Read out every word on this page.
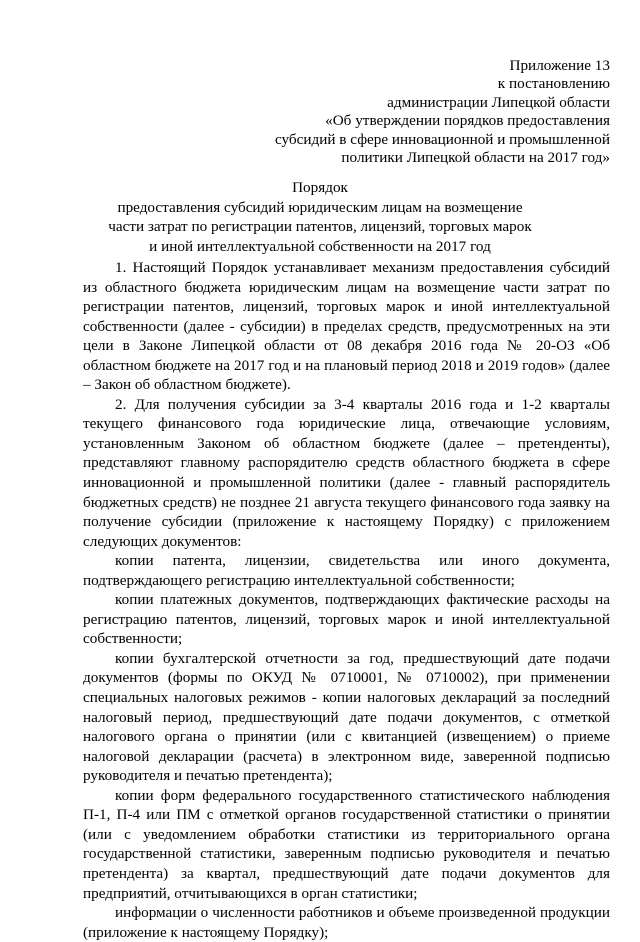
Приложение 13
к постановлению
администрации Липецкой области
«Об утверждении порядков предоставления
субсидий в сфере инновационной и промышленной
политики Липецкой области на 2017 год»
Порядок
предоставления субсидий юридическим лицам на возмещение
части затрат по регистрации патентов, лицензий, торговых марок
и иной интеллектуальной собственности на 2017 год
1. Настоящий Порядок устанавливает механизм предоставления субсидий
из областного бюджета юридическим лицам на возмещение части затрат по
регистрации патентов, лицензий, торговых марок и иной интеллектуальной
собственности (далее - субсидии) в пределах средств, предусмотренных на эти
цели в Законе Липецкой области от 08 декабря 2016 года № 20-ОЗ «Об
областном бюджете на 2017 год и на плановый период 2018 и 2019 годов» (далее
– Закон об областном бюджете).
2. Для получения субсидии за 3-4 кварталы 2016 года и 1-2 кварталы
текущего финансового года юридические лица, отвечающие условиям,
установленным Законом об областном бюджете (далее – претенденты),
представляют главному распорядителю средств областного бюджета в сфере
инновационной и промышленной политики (далее - главный распорядитель
бюджетных средств) не позднее 21 августа текущего финансового года заявку на
получение субсидии (приложение к настоящему Порядку) с приложением
следующих документов:
копии патента, лицензии, свидетельства или иного документа,
подтверждающего регистрацию интеллектуальной собственности;
копии платежных документов, подтверждающих фактические расходы на
регистрацию патентов, лицензий, торговых марок и иной интеллектуальной
собственности;
копии бухгалтерской отчетности за год, предшествующий дате подачи
документов (формы по ОКУД № 0710001, № 0710002), при применении
специальных налоговых режимов - копии налоговых деклараций за последний
налоговый период, предшествующий дате подачи документов, с отметкой
налогового органа о принятии (или с квитанцией (извещением) о приеме
налоговой декларации (расчета) в электронном виде, заверенной подписью
руководителя и печатью претендента);
копии форм федерального государственного статистического наблюдения
П-1, П-4 или ПМ с отметкой органов государственной статистики о принятии
(или с уведомлением обработки статистики из территориального органа
государственной статистики, заверенным подписью руководителя и печатью
претендента) за квартал, предшествующий дате подачи документов для
предприятий, отчитывающихся в орган статистики;
информации о численности работников и объеме произведенной продукции
(приложение к настоящему Порядку);
